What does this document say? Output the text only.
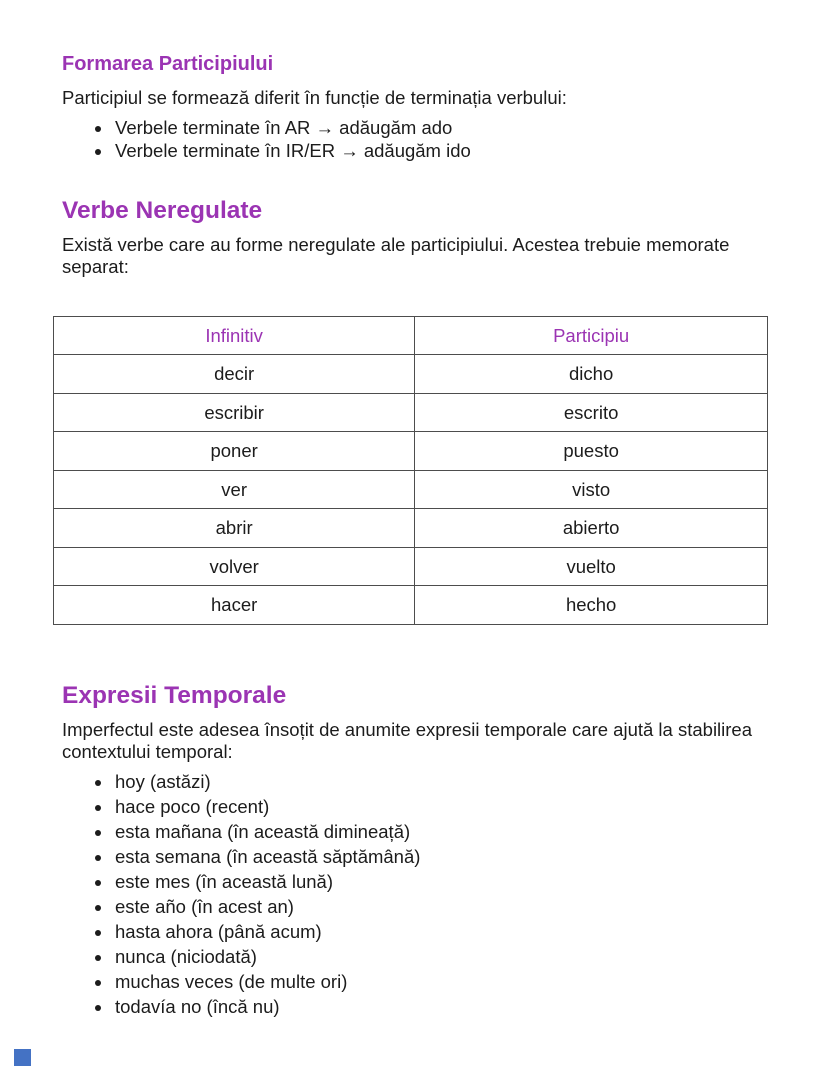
Formarea Participiului

Participiul se formează diferit în funcție de terminația verbului:

• Verbele terminate în AR → adăugăm ado
• Verbele terminate în IR/ER → adăugăm ido
Verbe Neregulate

Există verbe care au forme neregulate ale participiului. Acestea trebuie memorate separat:

Infinitiv	Participiu
decir	dicho
escribir	escrito
poner	puesto
ver	visto
abrir	abierto
volver	vuelto
hacer	hecho
Expresii Temporale

Imperfectul este adesea însoțit de anumite expresii temporale care ajută la stabilirea contextului temporal:

• hoy (astăzi)
• hace poco (recent)
• esta mañana (în această dimineață)
• esta semana (în această săptămână)
• este mes (în această lună)
• este año (în acest an)
• hasta ahora (până acum)
• nunca (niciodată)
• muchas veces (de multe ori)
• todavía no (încă nu)
